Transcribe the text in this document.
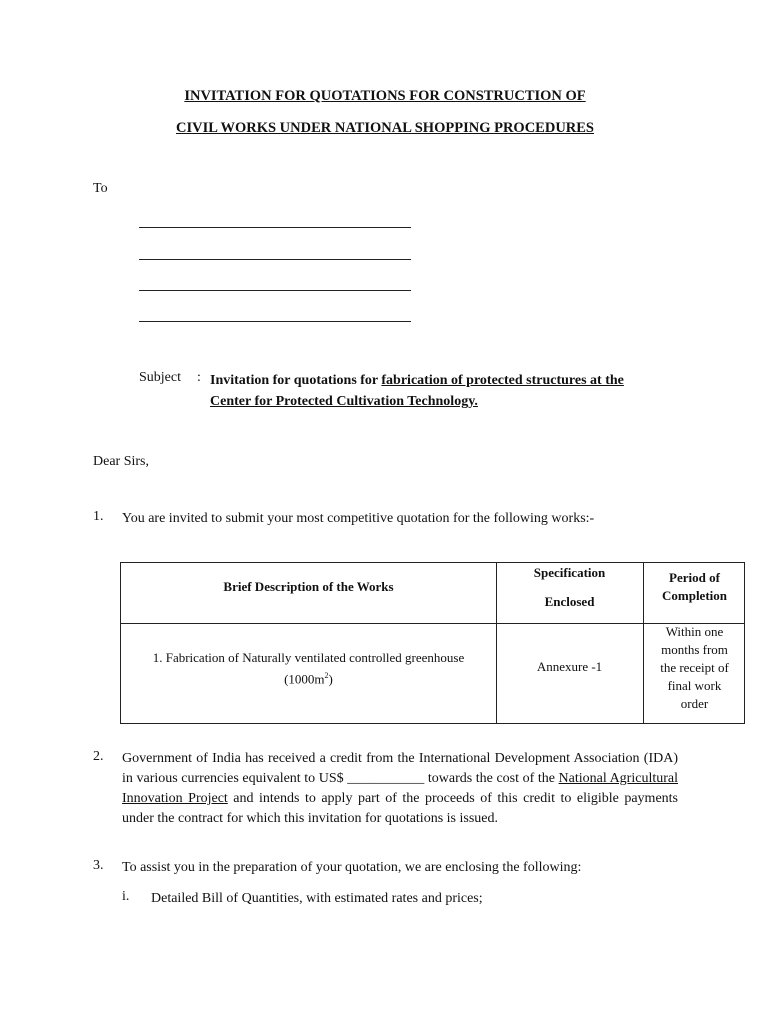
INVITATION FOR QUOTATIONS FOR CONSTRUCTION OF
CIVIL WORKS UNDER NATIONAL SHOPPING PROCEDURES
To
Subject : Invitation for quotations for fabrication of protected structures at the
Center for Protected Cultivation Technology.
Dear Sirs,
1. You are invited to submit your most competitive quotation for the following works:-
Brief Description of the Works
Specification
Enclosed
Period of
Completion
1. Fabrication of Naturally ventilated controlled greenhouse
$(1000m^2)$
Annexure -1
Within one
months from
the receipt of
final work
order
2. Government of India has received a credit from the International Development Association (IDA) in various currencies equivalent to US$ ___________ towards the cost of the National Agricultural Innovation Project and intends to apply part of the proceeds of this credit to eligible payments under the contract for which this invitation for quotations is issued.
3. To assist you in the preparation of your quotation, we are enclosing the following:
i. Detailed Bill of Quantities, with estimated rates and prices;
